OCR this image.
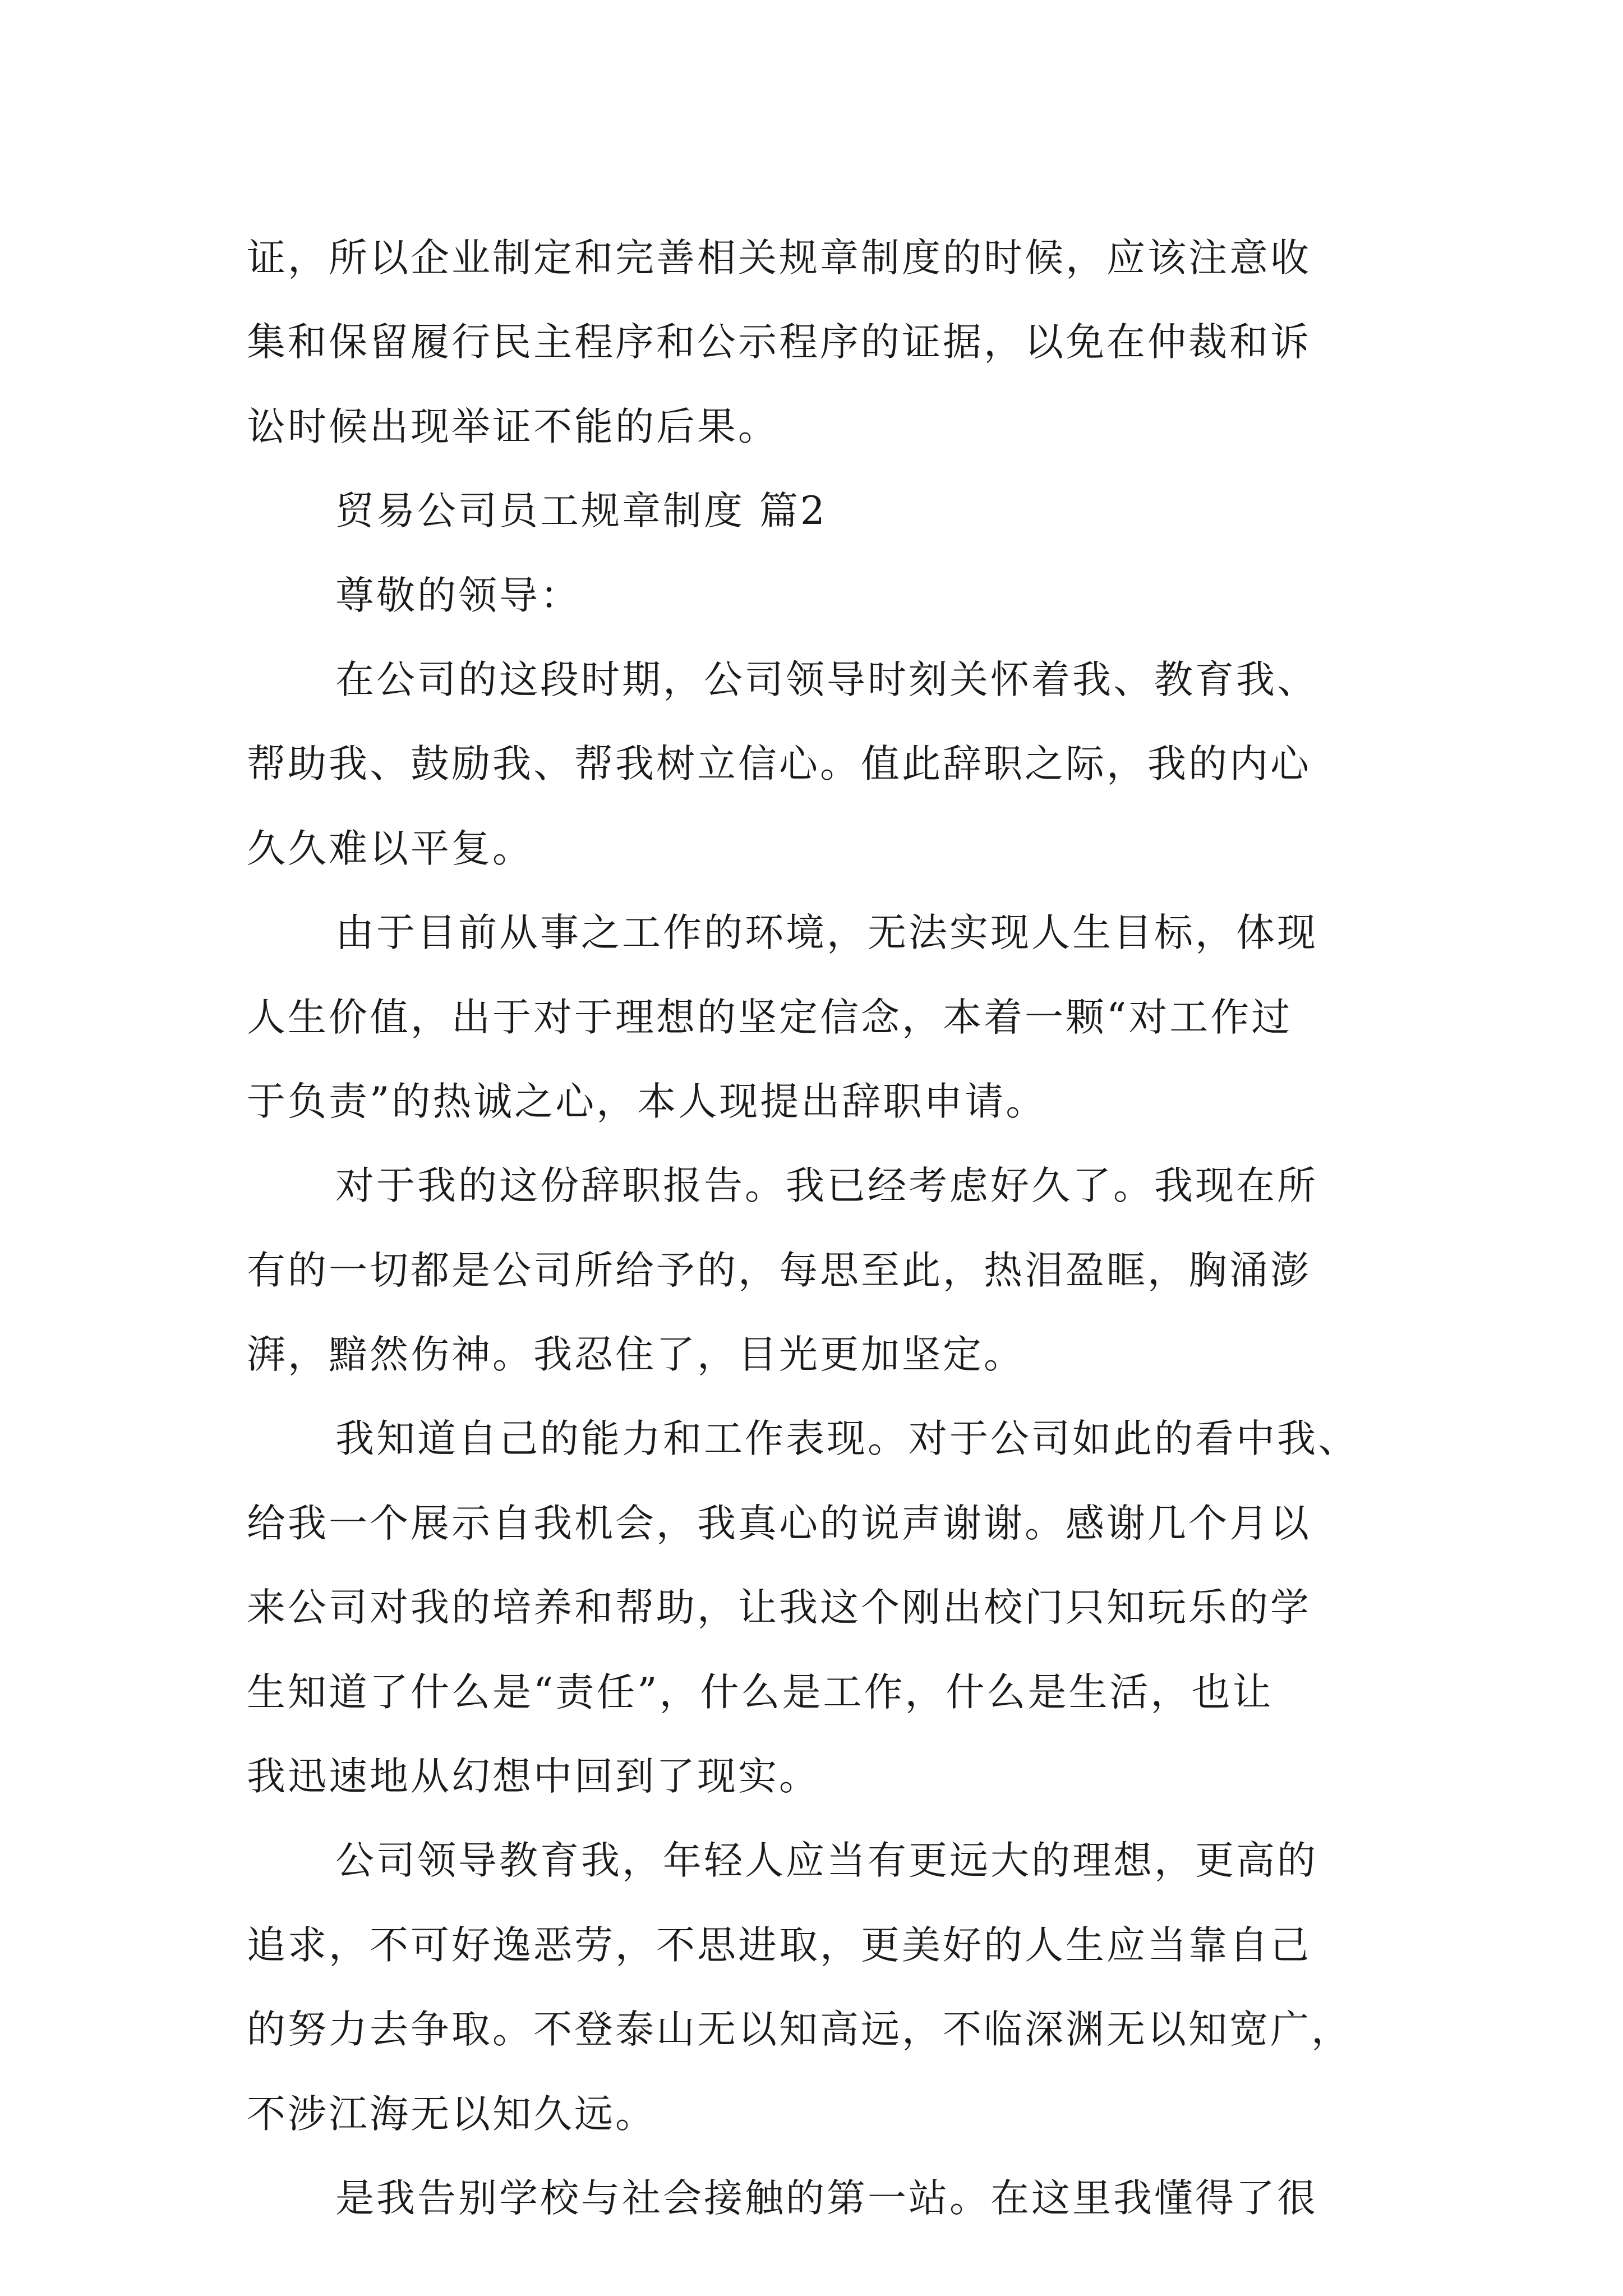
证，所以企业制定和完善相关规章制度的时候，应该注意收
集和保留履行民主程序和公示程序的证据，以免在仲裁和诉
讼时候出现举证不能的后果。
贸易公司员工规章制度 篇2
尊敬的领导：
在公司的这段时期，公司领导时刻关怀着我、教育我、
帮助我、鼓励我、帮我树立信心。值此辞职之际，我的内心
久久难以平复。
由于目前从事之工作的环境，无法实现人生目标，体现
人生价值，出于对于理想的坚定信念，本着一颗“对工作过
于负责”的热诚之心，本人现提出辞职申请。
对于我的这份辞职报告。我已经考虑好久了。我现在所
有的一切都是公司所给予的，每思至此，热泪盈眶，胸涌澎
湃，黯然伤神。我忍住了，目光更加坚定。
我知道自己的能力和工作表现。对于公司如此的看中我、
给我一个展示自我机会，我真心的说声谢谢。感谢几个月以
来公司对我的培养和帮助，让我这个刚出校门只知玩乐的学
生知道了什么是“责任”，什么是工作，什么是生活，也让
我迅速地从幻想中回到了现实。
公司领导教育我，年轻人应当有更远大的理想，更高的
追求，不可好逸恶劳，不思进取，更美好的人生应当靠自己
的努力去争取。不登泰山无以知高远，不临深渊无以知宽广，
不涉江海无以知久远。
是我告别学校与社会接触的第一站。在这里我懂得了很
